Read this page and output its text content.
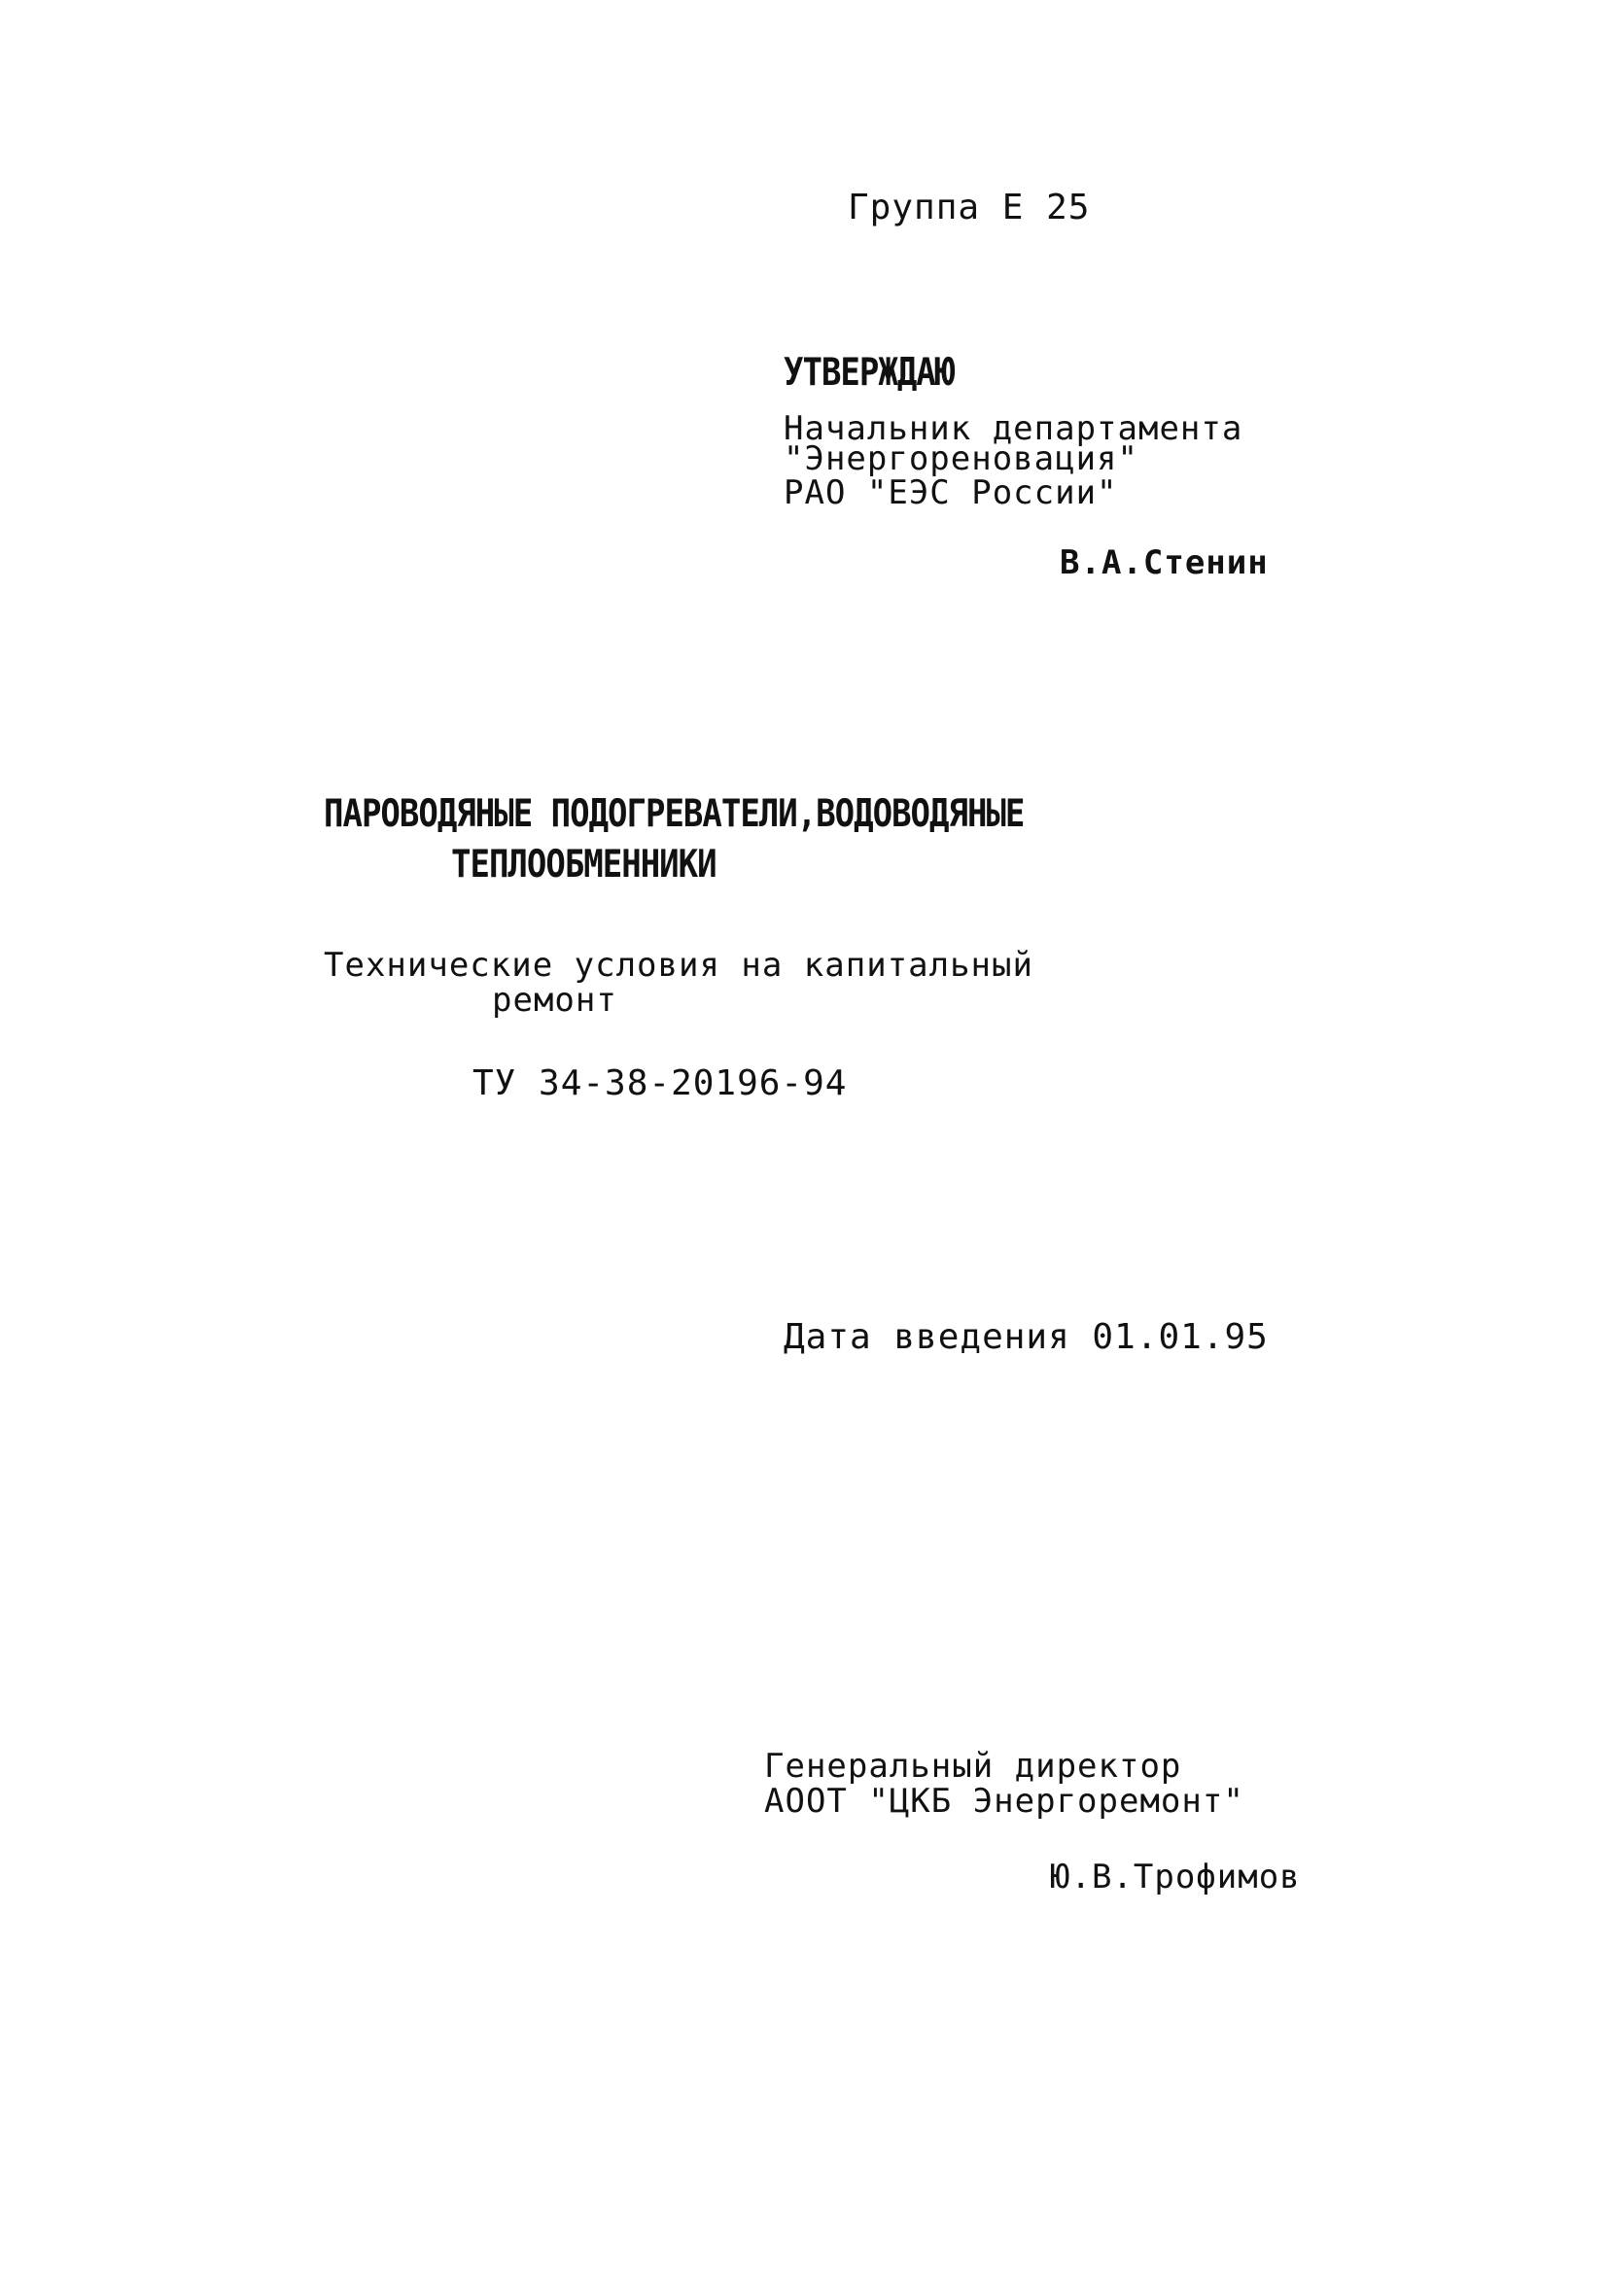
Группа Е 25
УТВЕРЖДАЮ
Начальник департамента
"Энергореновация"
РАО "ЕЭС России"
В.А.Стенин
ПАРОВОДЯНЫЕ ПОДОГРЕВАТЕЛИ,ВОДОВОДЯНЫЕ
ТЕПЛООБМЕННИКИ
Технические условия на капитальный
ремонт
ТУ 34-38-20196-94
Дата введения 01.01.95
Генеральный директор
АООТ "ЦКБ Энергоремонт"
Ю.В.Трофимов
